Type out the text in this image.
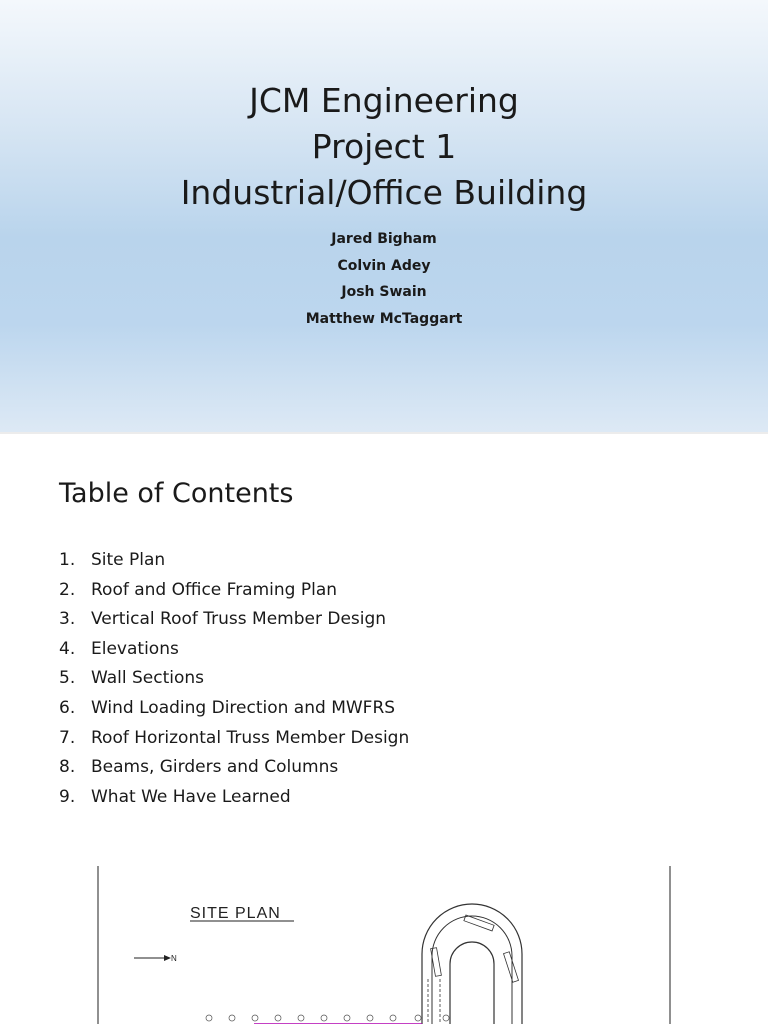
JCM Engineering
Project 1
Industrial/Office Building
Jared Bigham
Colvin Adey
Josh Swain
Matthew McTaggart
Table of Contents
1. Site Plan
2. Roof and Office Framing Plan
3. Vertical Roof Truss Member Design
4. Elevations
5. Wall Sections
6. Wind Loading Direction and MWFRS
7. Roof Horizontal Truss Member Design
8. Beams, Girders and Columns
9. What We Have Learned
SITE PLAN
N
